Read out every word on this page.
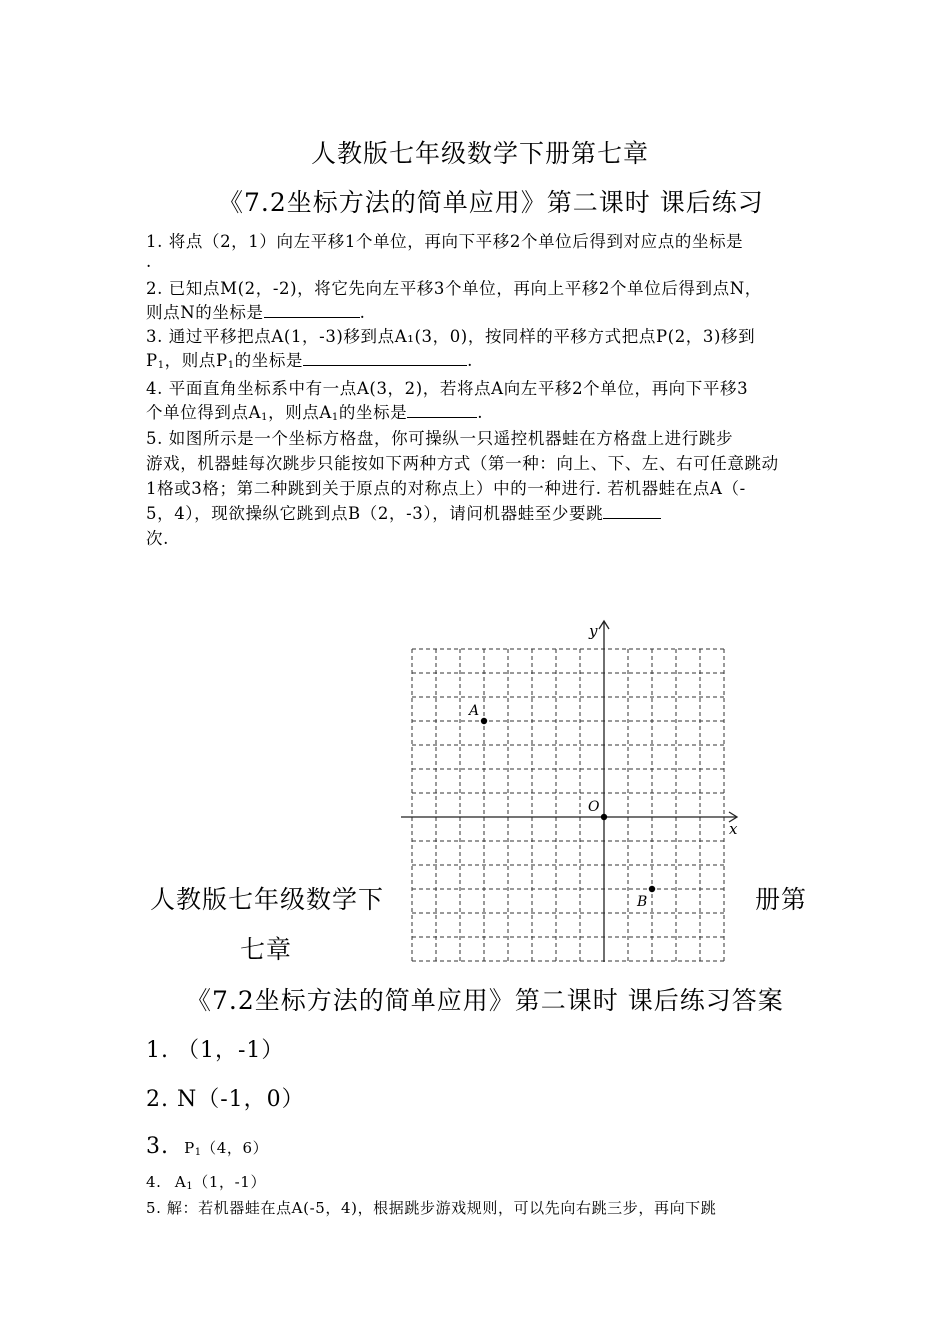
人教版七年级数学下册第七章
《7.2坐标方法的简单应用》第二课时 课后练习
1. 将点（2，1）向左平移1个单位，再向下平移2个单位后得到对应点的坐标是
.
2. 已知点M(2，-2)，将它先向左平移3个单位，再向上平移2个单位后得到点N，
则点N的坐标是	.
3. 通过平移把点A(1，-3)移到点A₁(3，0)，按同样的平移方式把点P(2，3)移到
$P_1$，则点$P_1$的坐标是	.
4. 平面直角坐标系中有一点A(3，2)，若将点A向左平移2个单位，再向下平移3
个单位得到点$A_1$，则点$A_1$的坐标是	.
5. 如图所示是一个坐标方格盘，你可操纵一只遥控机器蛙在方格盘上进行跳步
游戏，机器蛙每次跳步只能按如下两种方式（第一种：向上、下、左、右可任意跳动
1格或3格；第二种跳到关于原点的对称点上）中的一种进行. 若机器蛙在点A（-
5，4），现欲操纵它跳到点B（2，-3），请问机器蛙至少要跳
次.
x
y
O
A
B
人教版七年级数学下	册第
七章
《7.2坐标方法的简单应用》第二课时 课后练习答案
1. （1，-1）
2. N（-1，0）
3. $P_1(4$，6）
4. $A_1(1$，-1）
5. 解：若机器蛙在点A(-5，4)，根据跳步游戏规则，可以先向右跳三步，再向下跳
